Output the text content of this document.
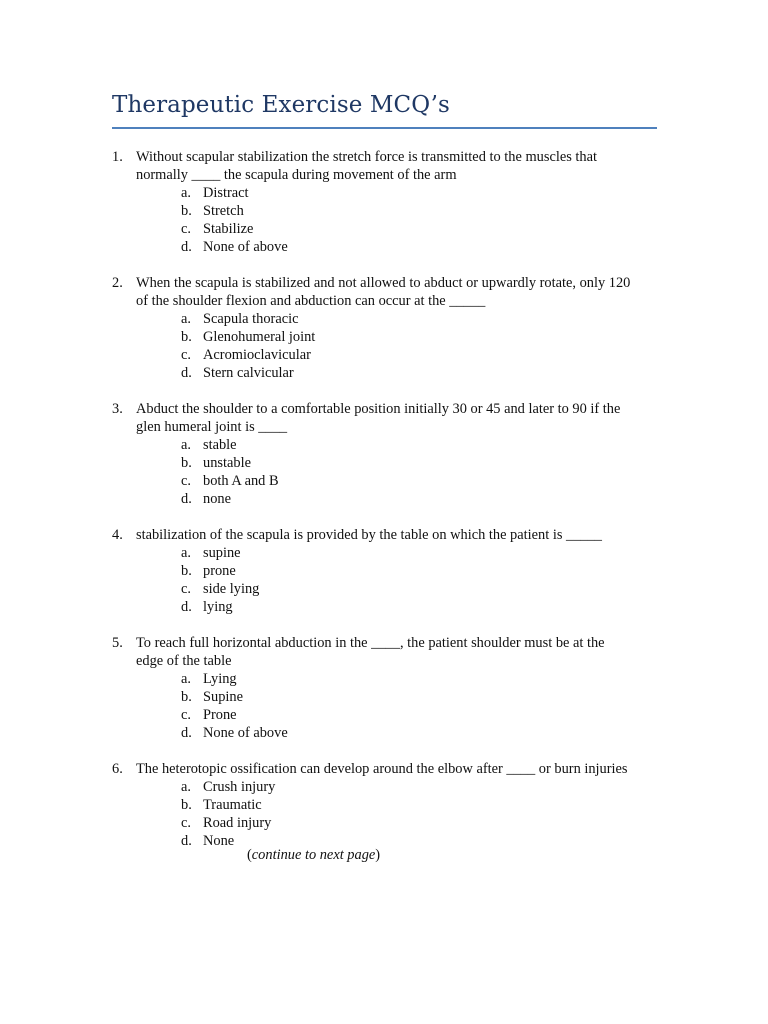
Therapeutic Exercise MCQ’s
1. Without scapular stabilization the stretch force is transmitted to the muscles that
normally ____ the scapula during movement of the arm
a. Distract
b. Stretch
c. Stabilize
d. None of above
2. When the scapula is stabilized and not allowed to abduct or upwardly rotate, only 120
of the shoulder flexion and abduction can occur at the _____
a. Scapula thoracic
b. Glenohumeral joint
c. Acromioclavicular
d. Stern calvicular
3. Abduct the shoulder to a comfortable position initially 30 or 45 and later to 90 if the
glen humeral joint is ____
a. stable
b. unstable
c. both A and B
d. none
4. stabilization of the scapula is provided by the table on which the patient is _____
a. supine
b. prone
c. side lying
d. lying
5. To reach full horizontal abduction in the ____, the patient shoulder must be at the
edge of the table
a. Lying
b. Supine
c. Prone
d. None of above
6. The heterotopic ossification can develop around the elbow after ____ or burn injuries
a. Crush injury
b. Traumatic
c. Road injury
d. None
(continue to next page)
